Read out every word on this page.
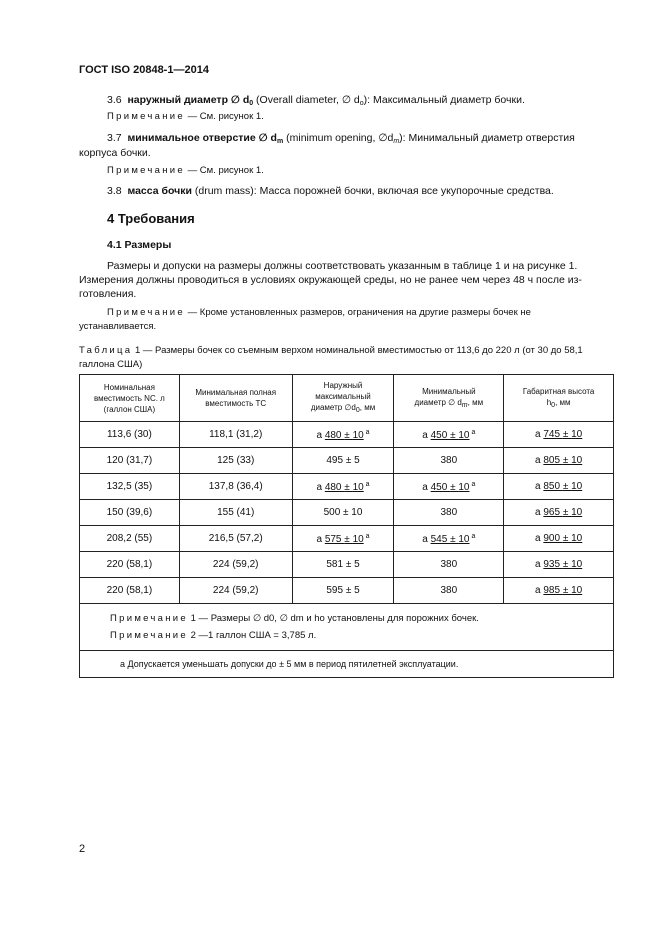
ГОСТ ISO 20848-1—2014
3.6 наружный диаметр ∅ $d_0$ (Overall diameter, ∅ $d_o$): Максимальный диаметр бочки.
Примечание — См. рисунок 1.
3.7 минимальное отверстие ∅ $d_m$ (minimum opening, $\emptyset d_m$): Минимальный диаметр отверстия
корпуса бочки.
Примечание — См. рисунок 1.
3.8 масса бочки (drum mass): Масса порожней бочки, включая все укупорочные средства.
4 Требования
4.1 Размеры
Размеры и допуски на размеры должны соответствовать указанным в таблице 1 и на рисунке 1.
Измерения должны проводиться в условиях окружающей среды, но не ранее чем через 48 ч после из-
готовления.
Примечание — Кроме установленных размеров, ограничения на другие размеры бочек не
устанавливается.
Таблица 1 — Размеры бочек со съемным верхом номинальной вместимостью от 113,6 до 220 л (от 30 до 58,1
галлона США)
Номинальная
вместимость NC. л
(галлон США)	Минимальная полная
вместимость ТС	Наружный
максимальный
диаметр $\emptyset d_0$, мм	Минимальный
диаметр ∅ $d_m$, мм	Габаритная высота
$h_0$, мм
113,6 (30)	118,1 (31,2)	а 480 ± 10 $^а$	а 450 ± 10 $^а$	а 745 ± 10
120 (31,7)	125 (33)	495 ± 5	380	а 805 ± 10
132,5 (35)	137,8 (36,4)	а 480 ± 10 $^а$	а 450 ± 10 $^а$	а 850 ± 10
150 (39,6)	155 (41)	500 ± 10	380	а 965 ± 10
208,2 (55)	216,5 (57,2)	а 575 ± 10 $^а$	а 545 ± 10 $^а$	а 900 ± 10
220 (58,1)	224 (59,2)	581 ± 5	380	а 935 ± 10
220 (58,1)	224 (59,2)	595 ± 5	380	а 985 ± 10

Примечание 1 — Размеры ∅ d0, ∅ dm и ho установлены для порожних бочек.
Примечание 2 —1 галлон США = 3,785 л.				

а Допускается уменьшать допуски до ± 5 мм в период пятилетней эксплуатации.				
2
